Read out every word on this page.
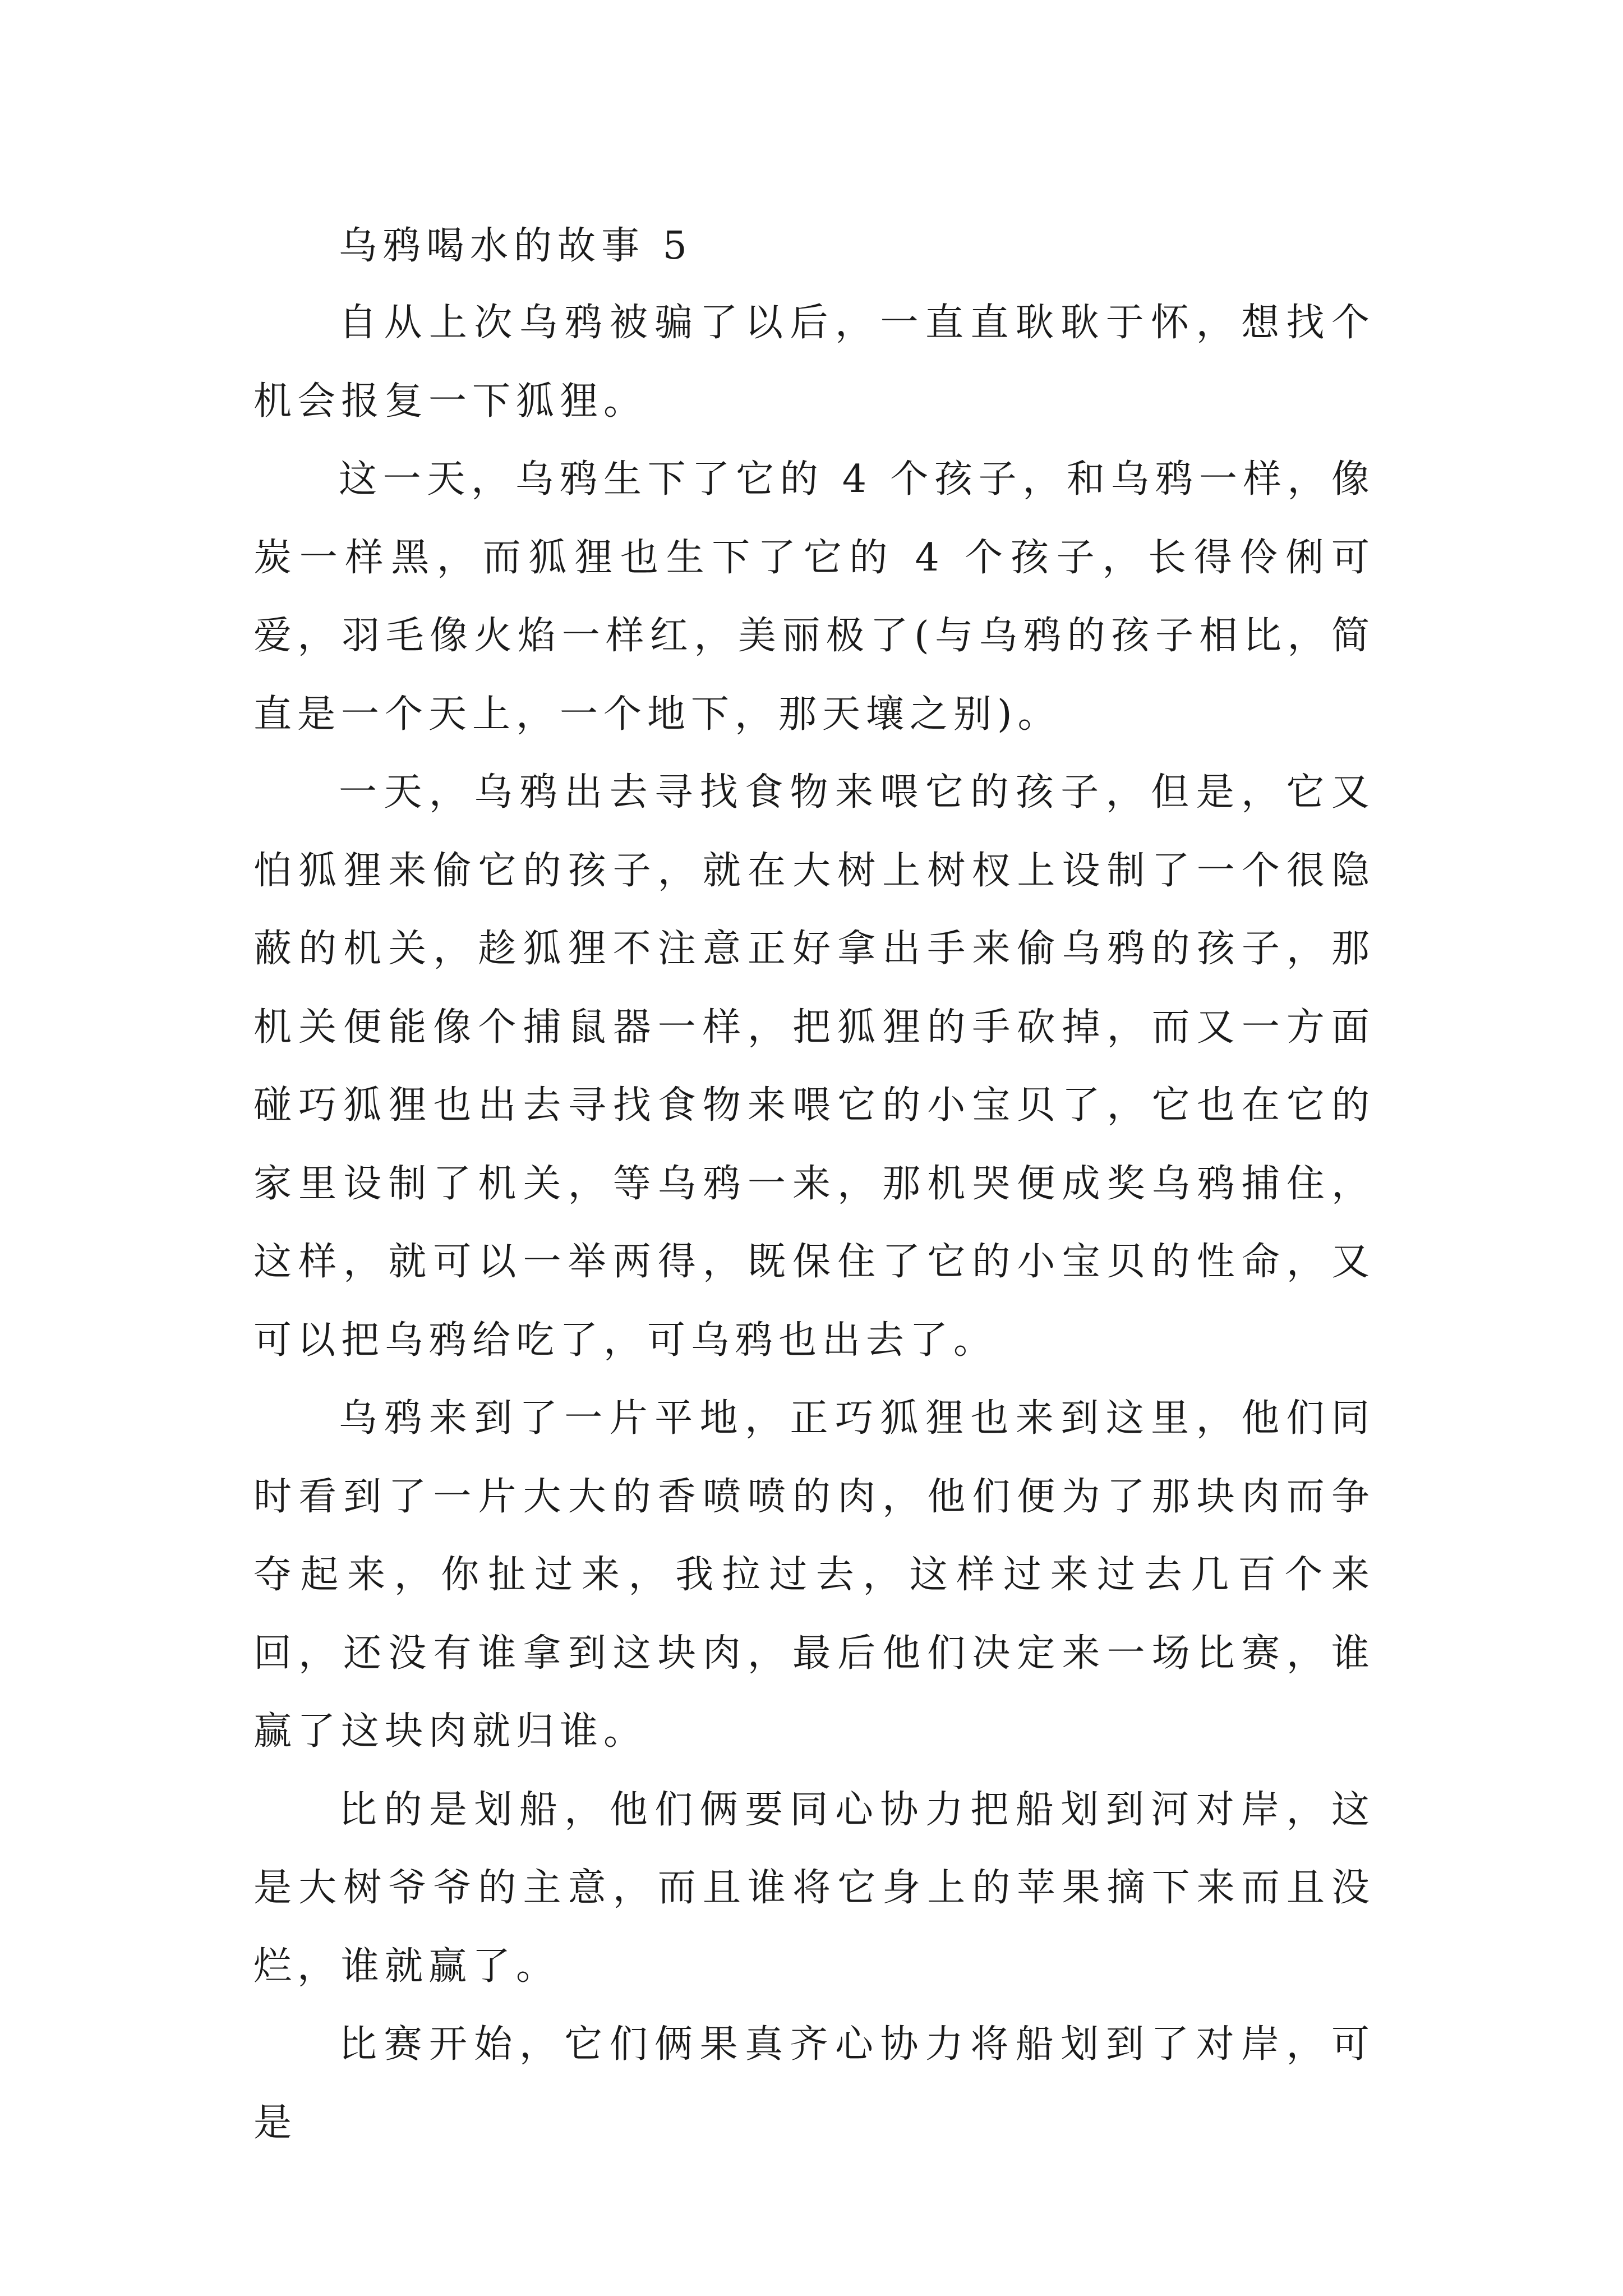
乌鸦喝水的故事 5

自从上次乌鸦被骗了以后，一直直耿耿于怀，想找个机会报复一下狐狸。

这一天，乌鸦生下了它的 4 个孩子，和乌鸦一样，像炭一样黑，而狐狸也生下了它的 4 个孩子，长得伶俐可爱，羽毛像火焰一样红，美丽极了(与乌鸦的孩子相比，简直是一个天上，一个地下，那天壤之别)。

一天，乌鸦出去寻找食物来喂它的孩子，但是，它又怕狐狸来偷它的孩子，就在大树上树杈上设制了一个很隐蔽的机关，趁狐狸不注意正好拿出手来偷乌鸦的孩子，那机关便能像个捕鼠器一样，把狐狸的手砍掉，而又一方面碰巧狐狸也出去寻找食物来喂它的小宝贝了，它也在它的家里设制了机关，等乌鸦一来，那机哭便成奖乌鸦捕住，这样，就可以一举两得，既保住了它的小宝贝的性命，又可以把乌鸦给吃了，可乌鸦也出去了。

乌鸦来到了一片平地，正巧狐狸也来到这里，他们同时看到了一片大大的香喷喷的肉，他们便为了那块肉而争夺起来，你扯过来，我拉过去，这样过来过去几百个来回，还没有谁拿到这块肉，最后他们决定来一场比赛，谁赢了这块肉就归谁。

比的是划船，他们俩要同心协力把船划到河对岸，这是大树爷爷的主意，而且谁将它身上的苹果摘下来而且没烂，谁就赢了。

比赛开始，它们俩果真齐心协力将船划到了对岸，可是
